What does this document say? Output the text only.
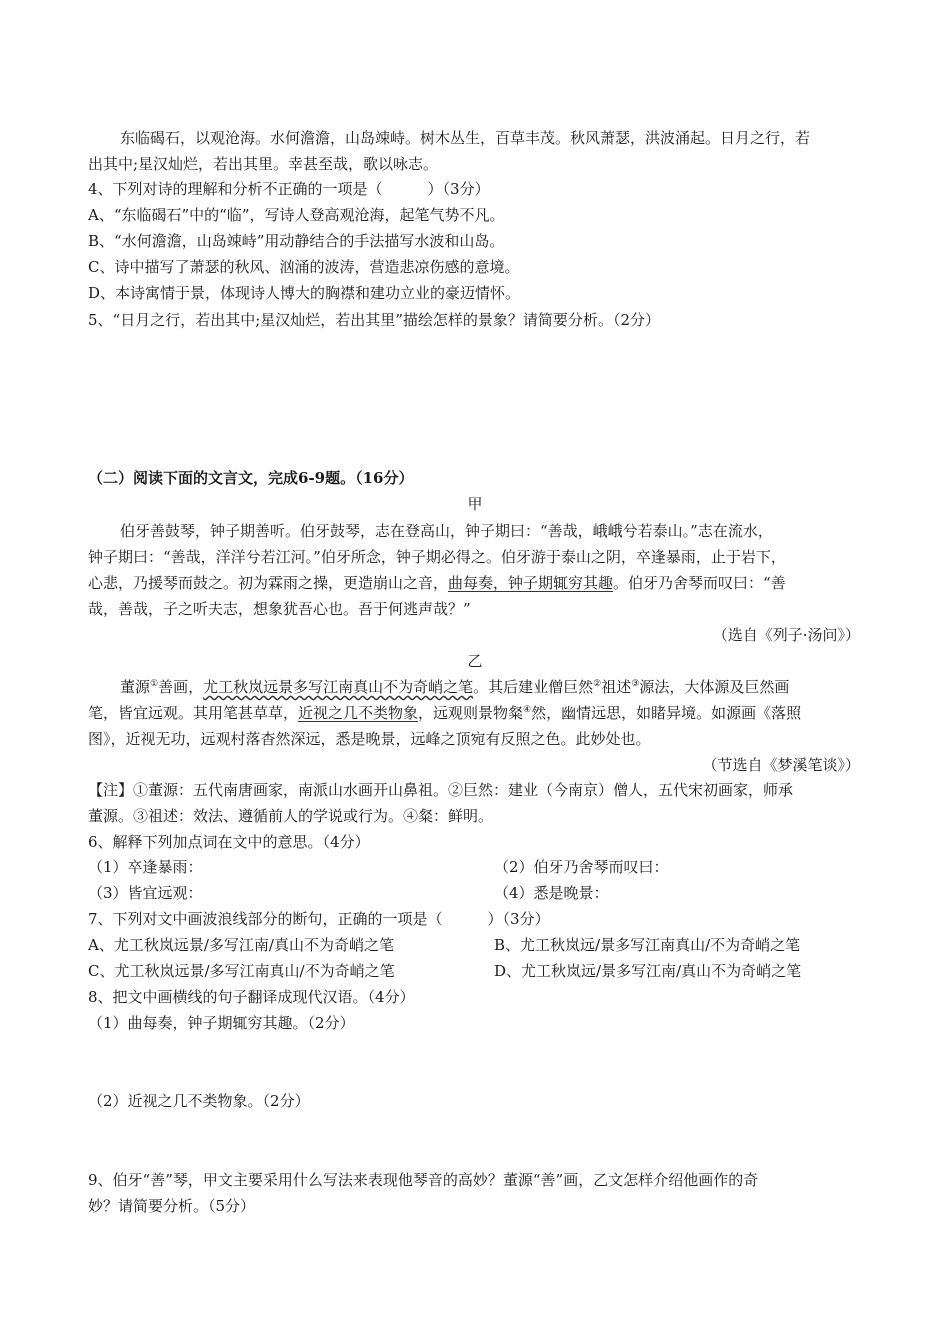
东临碣石，以观沧海。水何澹澹，山岛竦峙。树木丛生，百草丰茂。秋风萧瑟，洪波涌起。日月之行，若
出其中;星汉灿烂，若出其里。幸甚至哉，歌以咏志。
4、下列对诗的理解和分析不正确的一项是（　　　）（3分）
A、“东临碣石”中的“临”，写诗人登高观沧海，起笔气势不凡。
B、“水何澹澹，山岛竦峙”用动静结合的手法描写水波和山岛。
C、诗中描写了萧瑟的秋风、汹涌的波涛，营造悲凉伤感的意境。
D、本诗寓情于景，体现诗人博大的胸襟和建功立业的豪迈情怀。
5、“日月之行，若出其中;星汉灿烂，若出其里”描绘怎样的景象？请简要分析。（2分）
（二）阅读下面的文言文，完成6-9题。（16分）
甲
伯牙善鼓琴，钟子期善听。伯牙鼓琴，志在登高山，钟子期曰：“善哉，峨峨兮若泰山。”志在流水，
钟子期曰：“善哉，洋洋兮若江河。”伯牙所念，钟子期必得之。伯牙游于泰山之阴，卒逢暴雨，止于岩下，
心悲，乃援琴而鼓之。初为霖雨之操，更造崩山之音，曲每奏，钟子期辄穷其趣。伯牙乃舍琴而叹曰：“善
哉，善哉，子之听夫志，想象犹吾心也。吾于何逃声哉？”
（选自《列子·汤问》）
乙
董源①善画，尤工秋岚远景多写江南真山不为奇峭之笔。其后建业僧巨然②祖述③源法，大体源及巨然画
笔，皆宜远观。其用笔甚草草，近视之几不类物象，远观则景物粲④然，幽情远思，如睹异境。如源画《落照
图》，近视无功，远观村落杳然深远，悉是晚景，远峰之顶宛有反照之色。此妙处也。
（节选自《梦溪笔谈》）
【注】①董源：五代南唐画家，南派山水画开山鼻祖。②巨然：建业（今南京）僧人，五代宋初画家，师承
董源。③祖述：效法、遵循前人的学说或行为。④粲：鲜明。
6、解释下列加点词在文中的意思。（4分）
（1）卒逢暴雨：	（2）伯牙乃舍琴而叹曰：
（3）皆宜远观：	（4）悉是晚景：
7、下列对文中画波浪线部分的断句，正确的一项是（　　　）（3分）
A、尤工秋岚远景/多写江南/真山不为奇峭之笔	B、尤工秋岚远/景多写江南真山/不为奇峭之笔
C、尤工秋岚远景/多写江南真山/不为奇峭之笔	D、尤工秋岚远/景多写江南/真山不为奇峭之笔
8、把文中画横线的句子翻译成现代汉语。（4分）
（1）曲每奏，钟子期辄穷其趣。（2分）
（2）近视之几不类物象。（2分）
9、伯牙“善”琴，甲文主要采用什么写法来表现他琴音的高妙？董源“善”画，乙文怎样介绍他画作的奇
妙？请简要分析。（5分）
